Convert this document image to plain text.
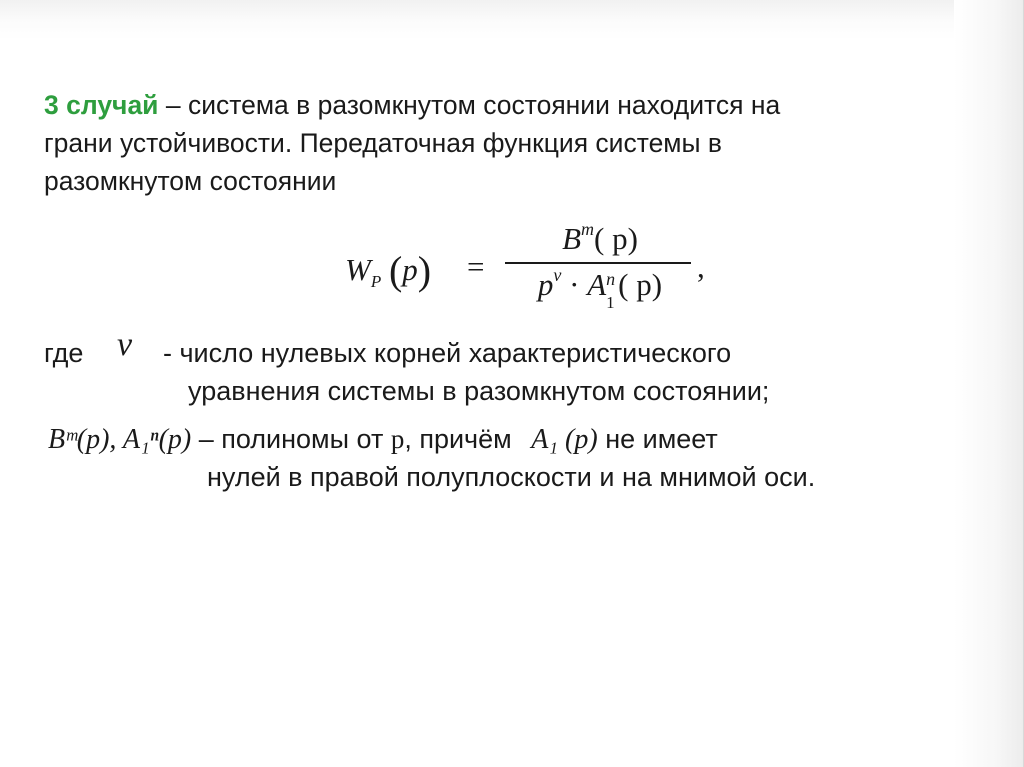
3 случай – система в разомкнутом состоянии находится на
грани устойчивости. Передаточная функция системы в
разомкнутом состоянии
$W_P$ (p) =
$B^m$( p)
$p^\nu \cdot A$ n
1
( p)
,
где ν - число нулевых корней характеристического
уравнения системы в разомкнутом состоянии;
Bᵐ(p), A₁ⁿ(p) – полиномы от p, причём A₁ (p) не имеет
нулей в правой полуплоскости и на мнимой оси.
